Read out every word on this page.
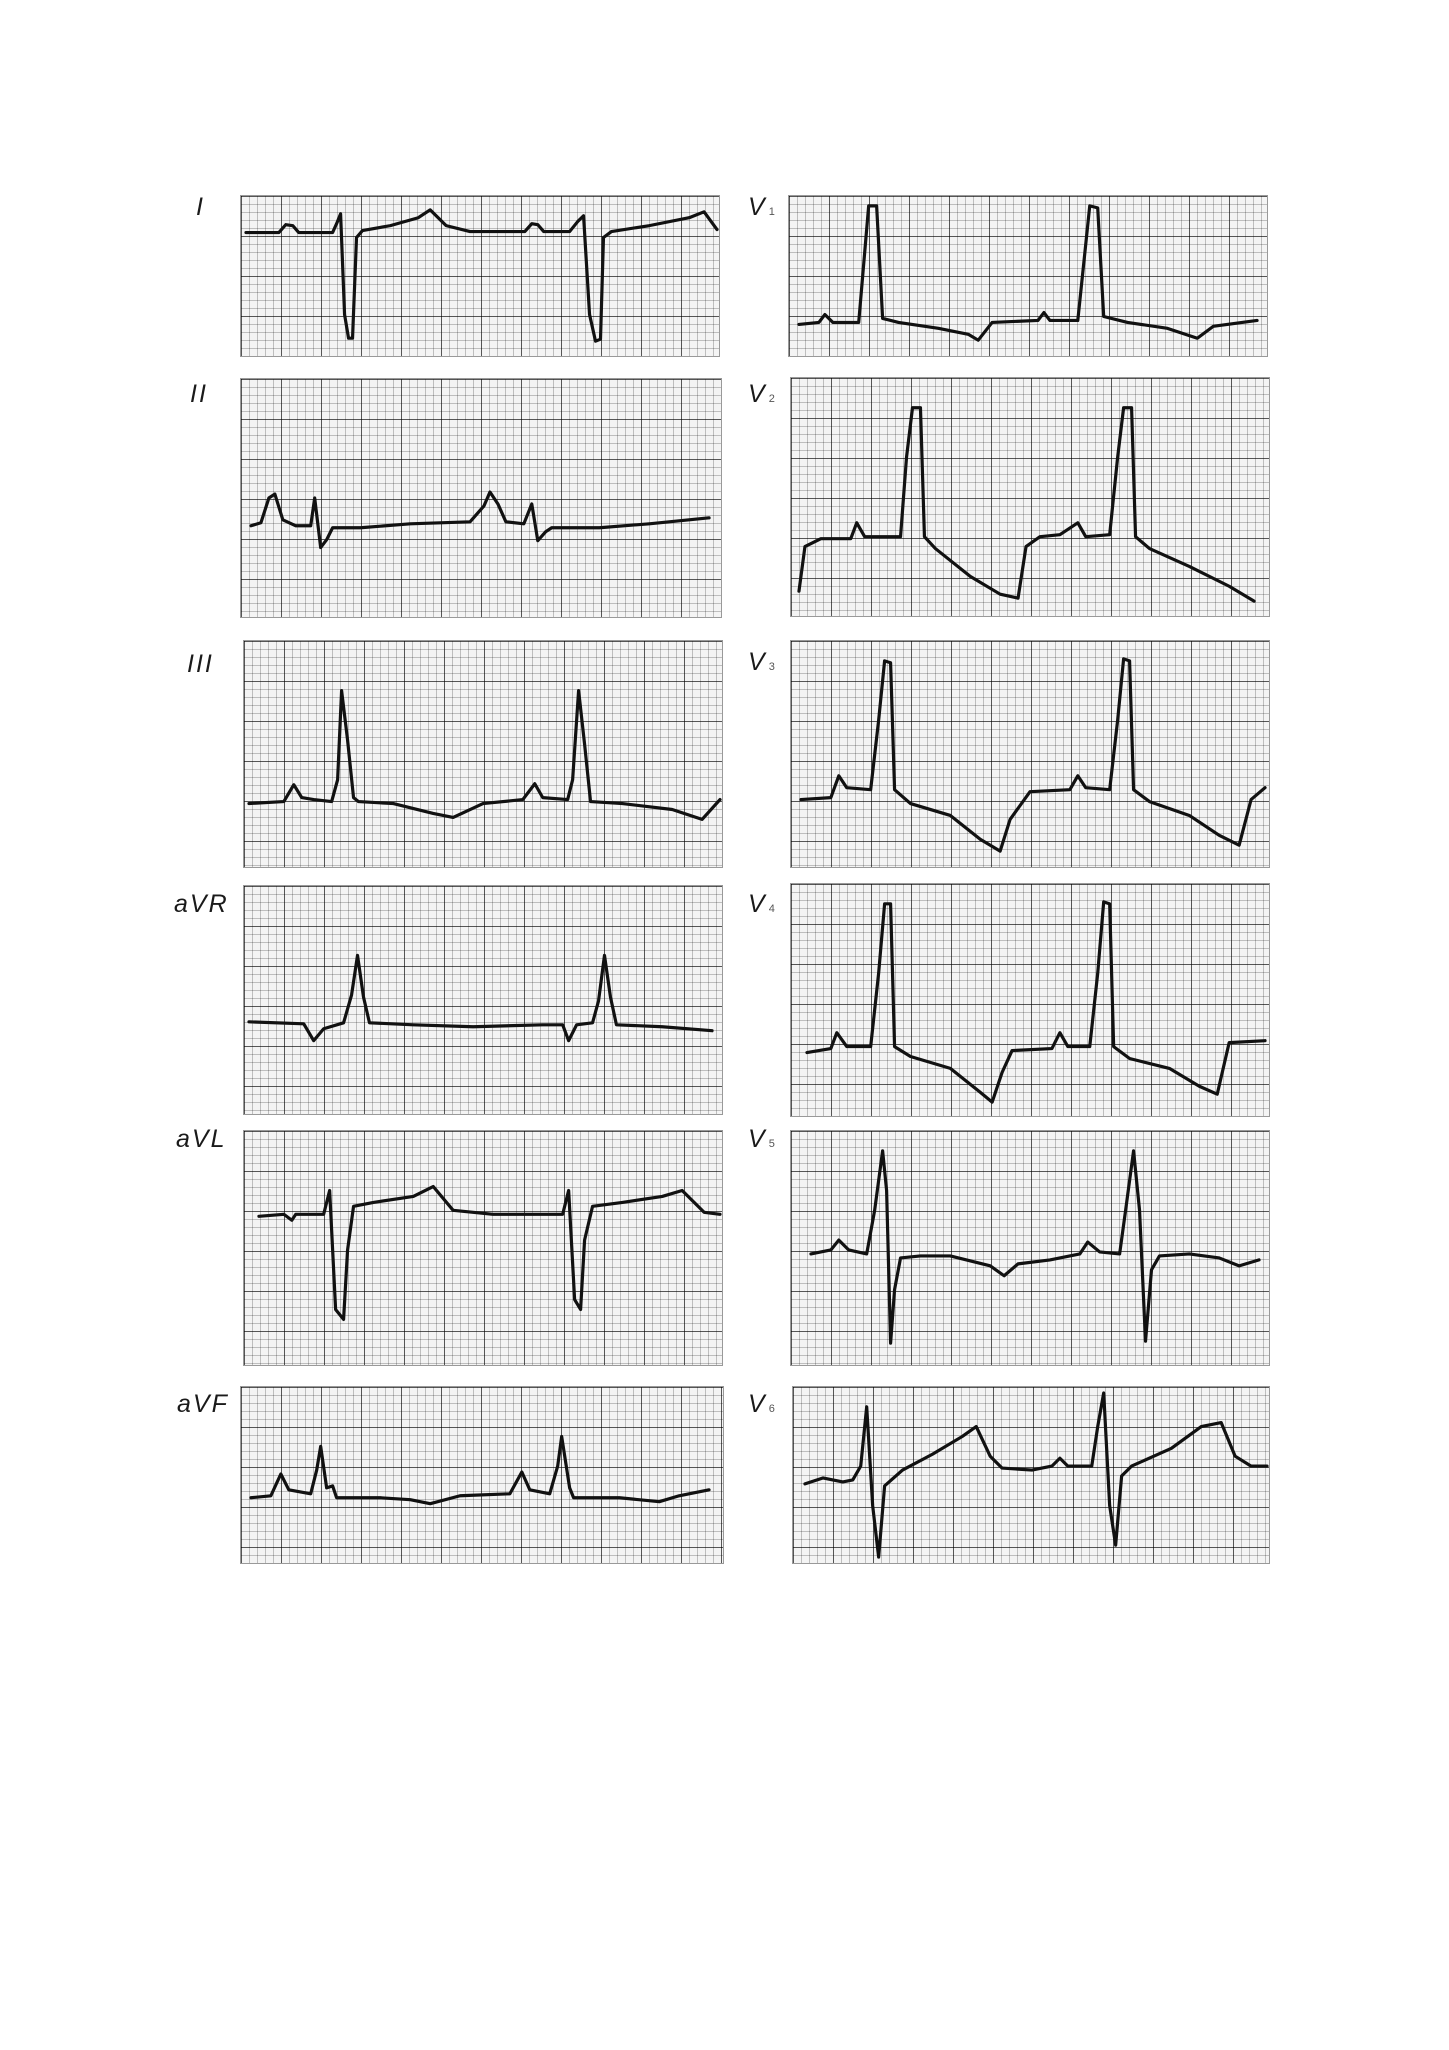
I
II
III
aVR
aVL
aVF
V 1
V 2
V 3
V 4
V 5
V 6
